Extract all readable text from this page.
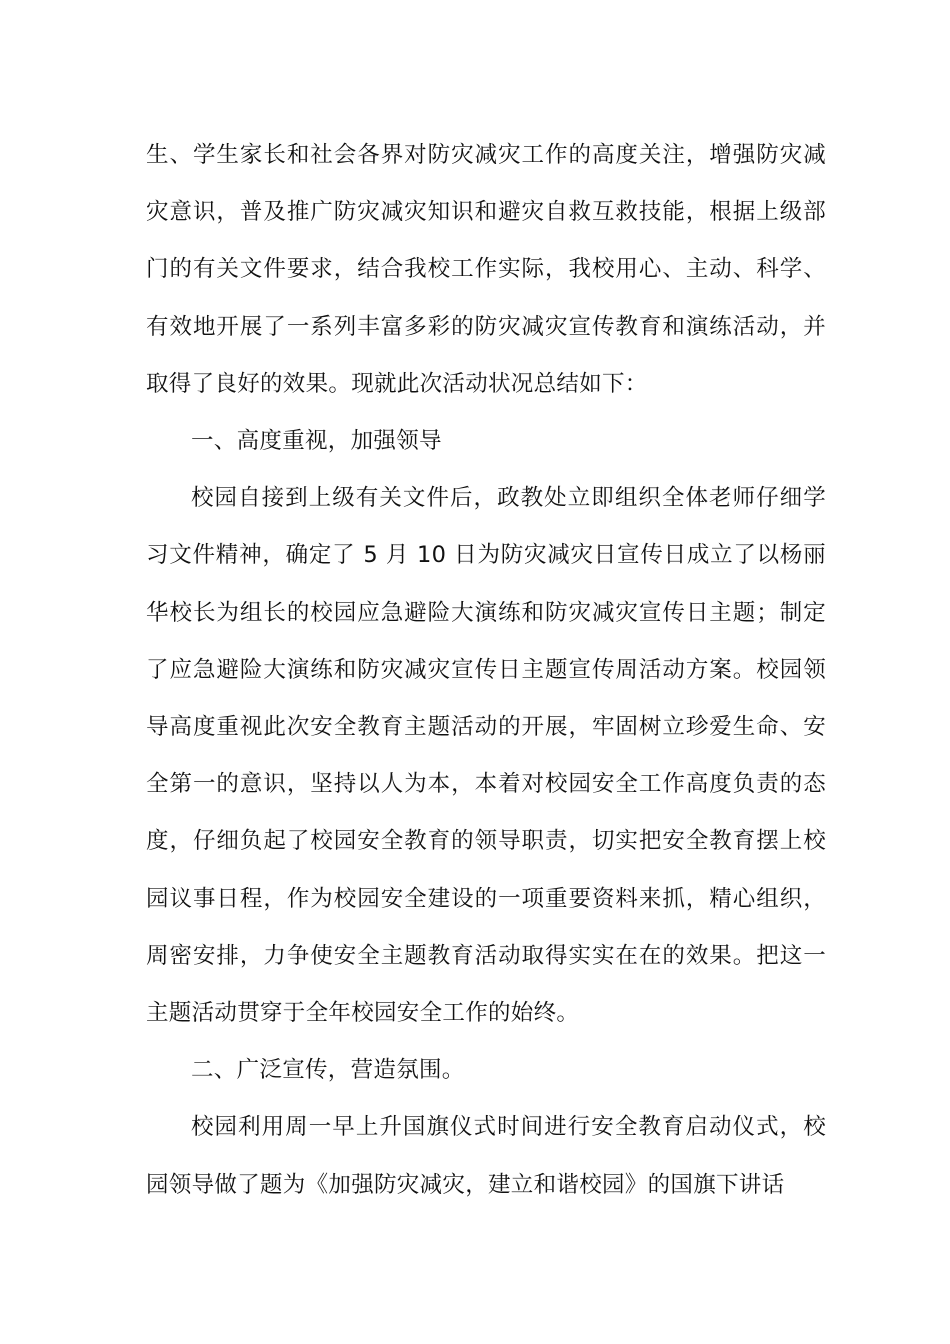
生、学生家长和社会各界对防灾减灾工作的高度关注，增强防灾减灾意识，普及推广防灾减灾知识和避灾自救互救技能，根据上级部门的有关文件要求，结合我校工作实际，我校用心、主动、科学、有效地开展了一系列丰富多彩的防灾减灾宣传教育和演练活动，并取得了良好的效果。现就此次活动状况总结如下：

一、高度重视，加强领导

校园自接到上级有关文件后，政教处立即组织全体老师仔细学习文件精神，确定了 5 月 10 日为防灾减灾日宣传日成立了以杨丽华校长为组长的校园应急避险大演练和防灾减灾宣传日主题；制定了应急避险大演练和防灾减灾宣传日主题宣传周活动方案。校园领导高度重视此次安全教育主题活动的开展，牢固树立珍爱生命、安全第一的意识，坚持以人为本，本着对校园安全工作高度负责的态度，仔细负起了校园安全教育的领导职责，切实把安全教育摆上校园议事日程，作为校园安全建设的一项重要资料来抓，精心组织，周密安排，力争使安全主题教育活动取得实实在在的效果。把这一主题活动贯穿于全年校园安全工作的始终。

二、广泛宣传，营造氛围。

校园利用周一早上升国旗仪式时间进行安全教育启动仪式，校园领导做了题为《加强防灾减灾，建立和谐校园》的国旗下讲话
